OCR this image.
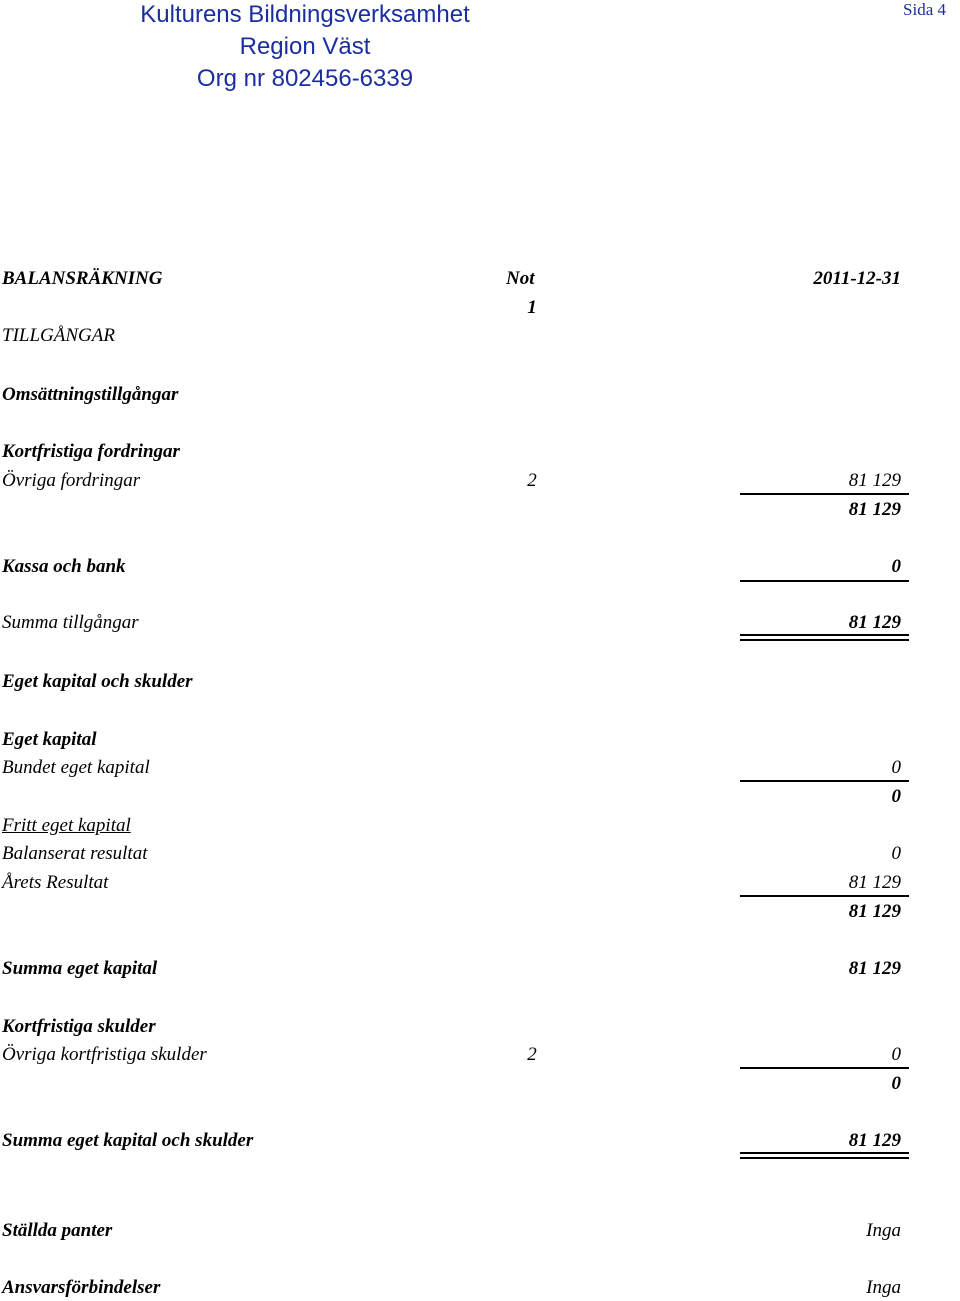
Kulturens Bildningsverksamhet
Region Väst
Org nr 802456-6339
Sida 4
BALANSRÄKNING	Not	2011-12-31
1
TILLGÅNGAR
Omsättningstillgångar
Kortfristiga fordringar
Övriga fordringar	2	81 129
81 129
Kassa och bank	0
Summa tillgångar	81 129
Eget kapital och skulder
Eget kapital
Bundet eget kapital	0
0
Fritt eget kapital
Balanserat resultat	0
Årets Resultat	81 129
81 129
Summa eget kapital	81 129
Kortfristiga skulder
Övriga kortfristiga skulder	2	0
0
Summa eget kapital och skulder	81 129
Ställda panter	Inga
Ansvarsförbindelser	Inga
